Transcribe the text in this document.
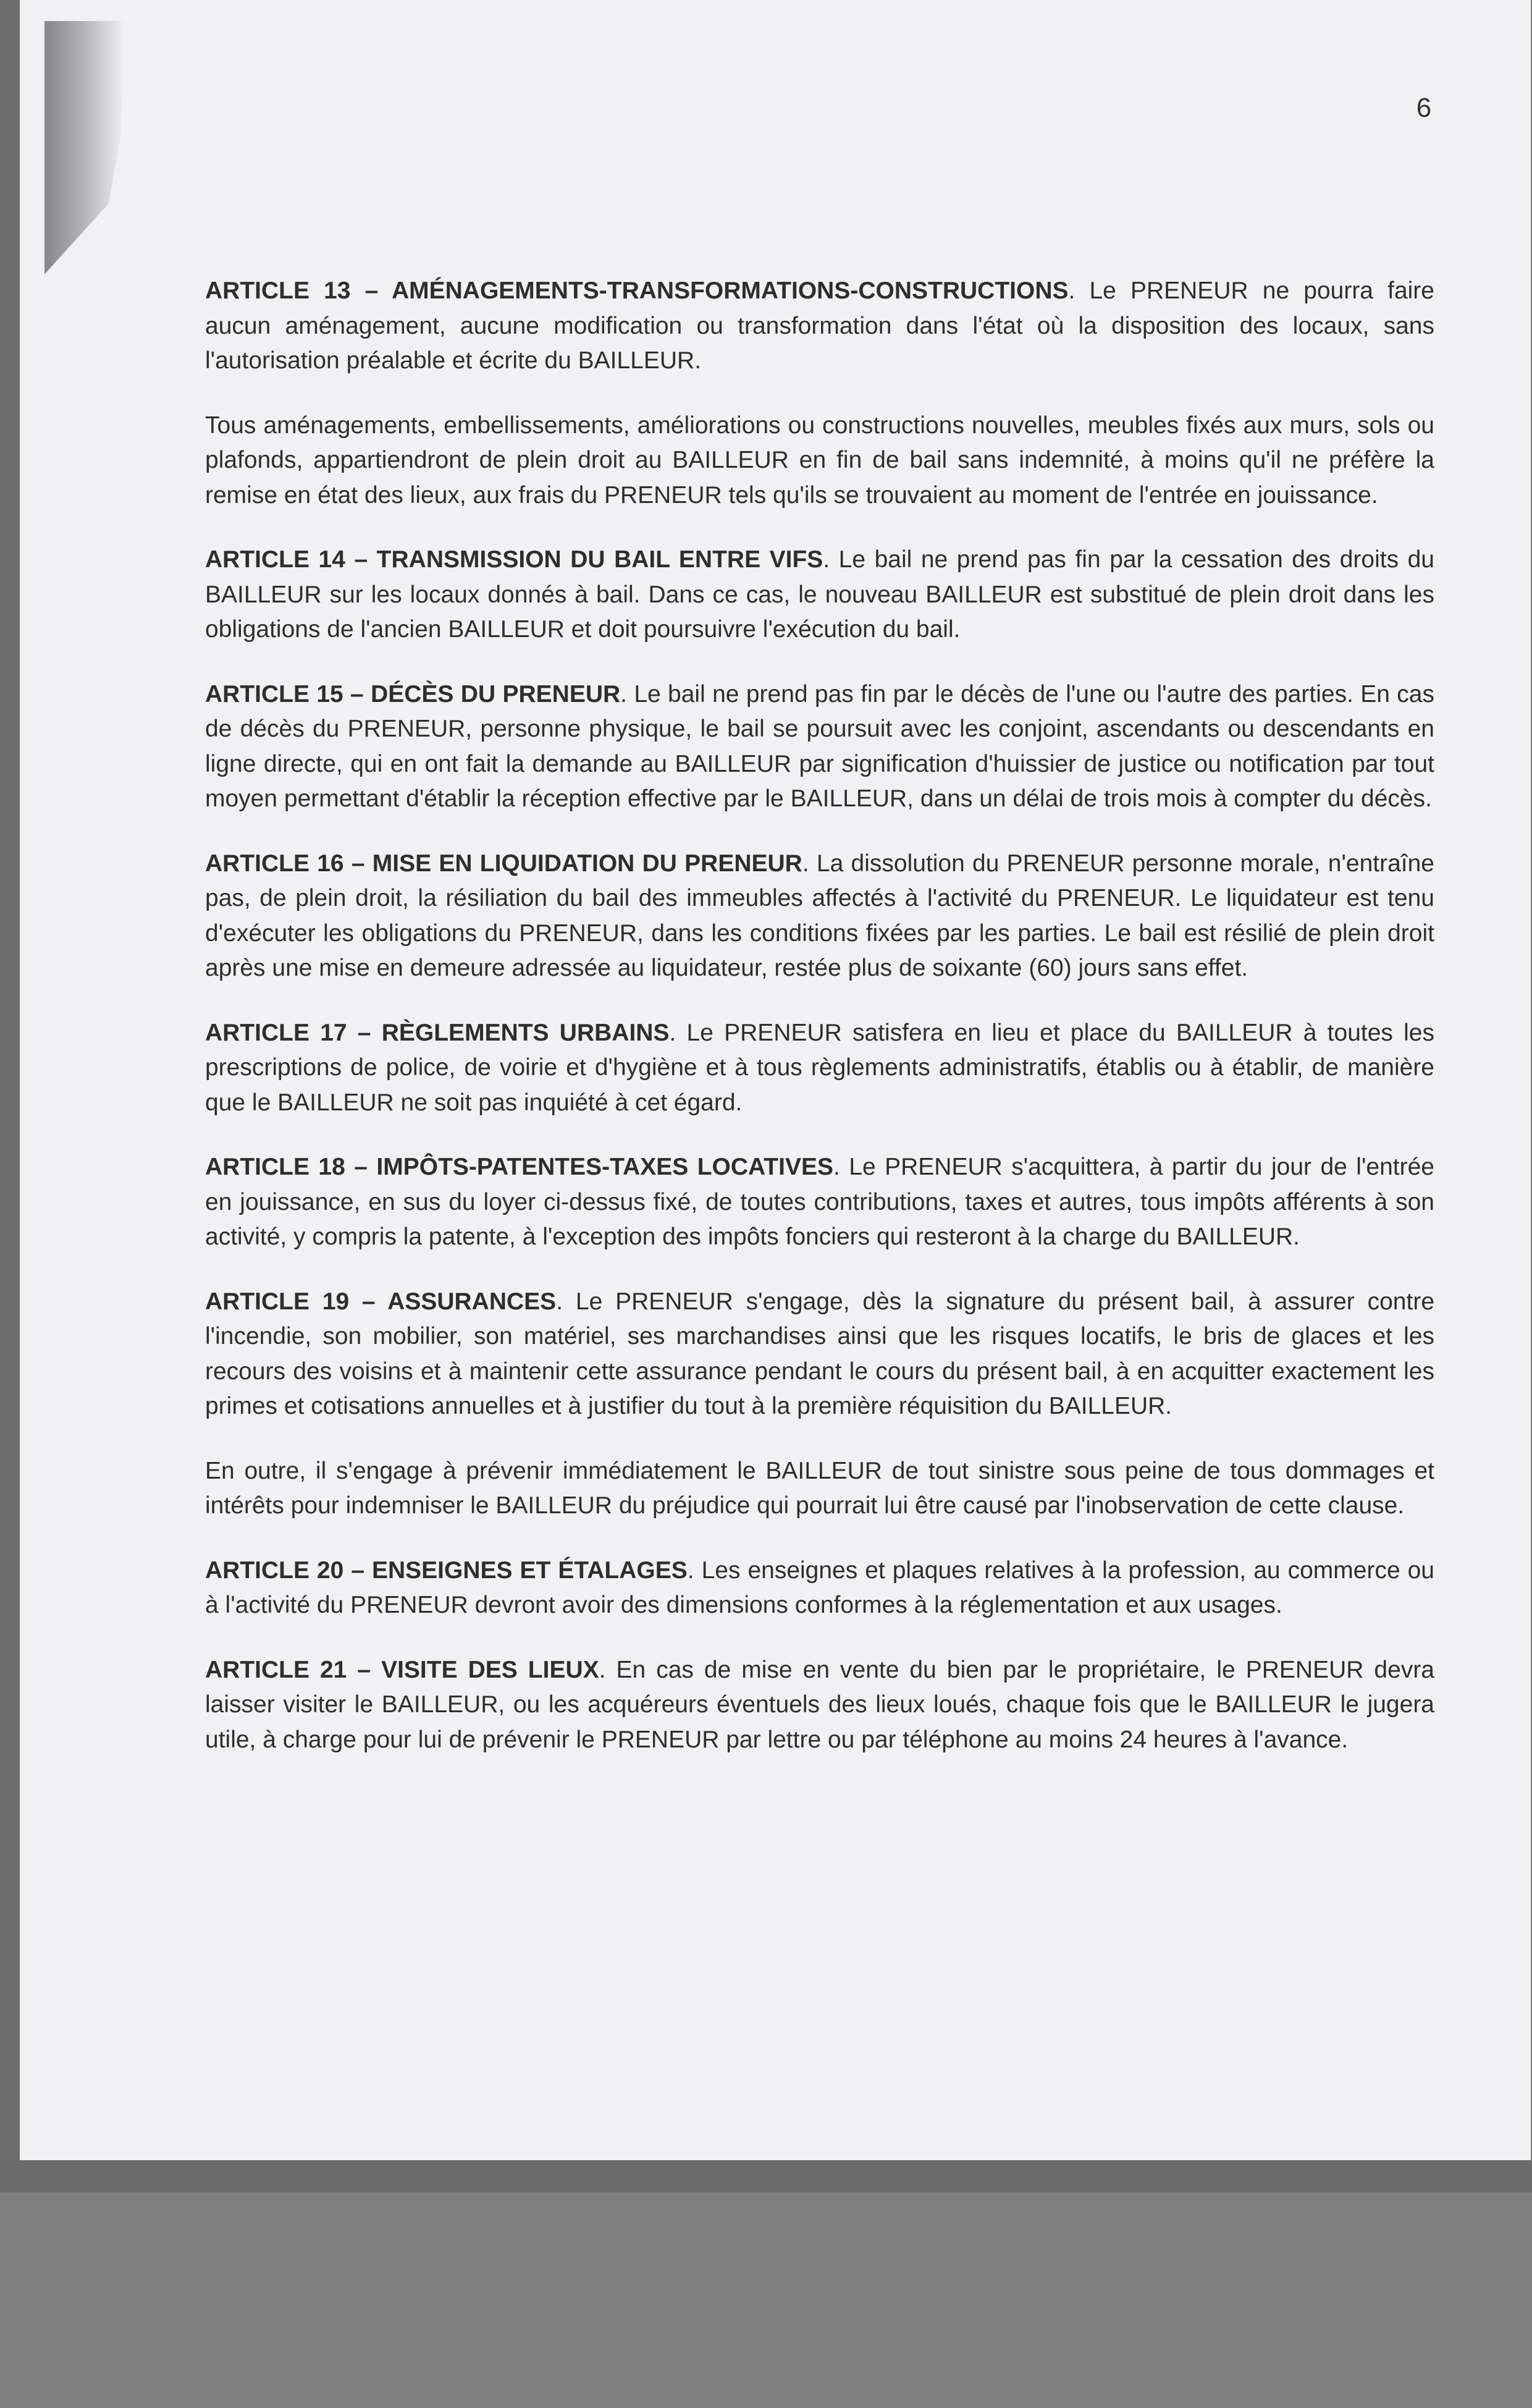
6

ARTICLE 13 – AMÉNAGEMENTS-TRANSFORMATIONS-CONSTRUCTIONS. Le PRENEUR ne pourra faire aucun aménagement, aucune modification ou transformation dans l'état où la disposition des locaux, sans l'autorisation préalable et écrite du BAILLEUR.

Tous aménagements, embellissements, améliorations ou constructions nouvelles, meubles fixés aux murs, sols ou plafonds, appartiendront de plein droit au BAILLEUR en fin de bail sans indemnité, à moins qu'il ne préfère la remise en état des lieux, aux frais du PRENEUR tels qu'ils se trouvaient au moment de l'entrée en jouissance.

ARTICLE 14 – TRANSMISSION DU BAIL ENTRE VIFS. Le bail ne prend pas fin par la cessation des droits du BAILLEUR sur les locaux donnés à bail. Dans ce cas, le nouveau BAILLEUR est substitué de plein droit dans les obligations de l'ancien BAILLEUR et doit poursuivre l'exécution du bail.

ARTICLE 15 – DÉCÈS DU PRENEUR. Le bail ne prend pas fin par le décès de l'une ou l'autre des parties. En cas de décès du PRENEUR, personne physique, le bail se poursuit avec les conjoint, ascendants ou descendants en ligne directe, qui en ont fait la demande au BAILLEUR par signification d'huissier de justice ou notification par tout moyen permettant d'établir la réception effective par le BAILLEUR, dans un délai de trois mois à compter du décès.

ARTICLE 16 – MISE EN LIQUIDATION DU PRENEUR. La dissolution du PRENEUR personne morale, n'entraîne pas, de plein droit, la résiliation du bail des immeubles affectés à l'activité du PRENEUR. Le liquidateur est tenu d'exécuter les obligations du PRENEUR, dans les conditions fixées par les parties. Le bail est résilié de plein droit après une mise en demeure adressée au liquidateur, restée plus de soixante (60) jours sans effet.

ARTICLE 17 – RÈGLEMENTS URBAINS. Le PRENEUR satisfera en lieu et place du BAILLEUR à toutes les prescriptions de police, de voirie et d'hygiène et à tous règlements administratifs, établis ou à établir, de manière que le BAILLEUR ne soit pas inquiété à cet égard.

ARTICLE 18 – IMPÔTS-PATENTES-TAXES LOCATIVES. Le PRENEUR s'acquittera, à partir du jour de l'entrée en jouissance, en sus du loyer ci-dessus fixé, de toutes contributions, taxes et autres, tous impôts afférents à son activité, y compris la patente, à l'exception des impôts fonciers qui resteront à la charge du BAILLEUR.

ARTICLE 19 – ASSURANCES. Le PRENEUR s'engage, dès la signature du présent bail, à assurer contre l'incendie, son mobilier, son matériel, ses marchandises ainsi que les risques locatifs, le bris de glaces et les recours des voisins et à maintenir cette assurance pendant le cours du présent bail, à en acquitter exactement les primes et cotisations annuelles et à justifier du tout à la première réquisition du BAILLEUR.

En outre, il s'engage à prévenir immédiatement le BAILLEUR de tout sinistre sous peine de tous dommages et intérêts pour indemniser le BAILLEUR du préjudice qui pourrait lui être causé par l'inobservation de cette clause.

ARTICLE 20 – ENSEIGNES ET ÉTALAGES. Les enseignes et plaques relatives à la profession, au commerce ou à l'activité du PRENEUR devront avoir des dimensions conformes à la réglementation et aux usages.

ARTICLE 21 – VISITE DES LIEUX. En cas de mise en vente du bien par le propriétaire, le PRENEUR devra laisser visiter le BAILLEUR, ou les acquéreurs éventuels des lieux loués, chaque fois que le BAILLEUR le jugera utile, à charge pour lui de prévenir le PRENEUR par lettre ou par téléphone au moins 24 heures à l'avance.
